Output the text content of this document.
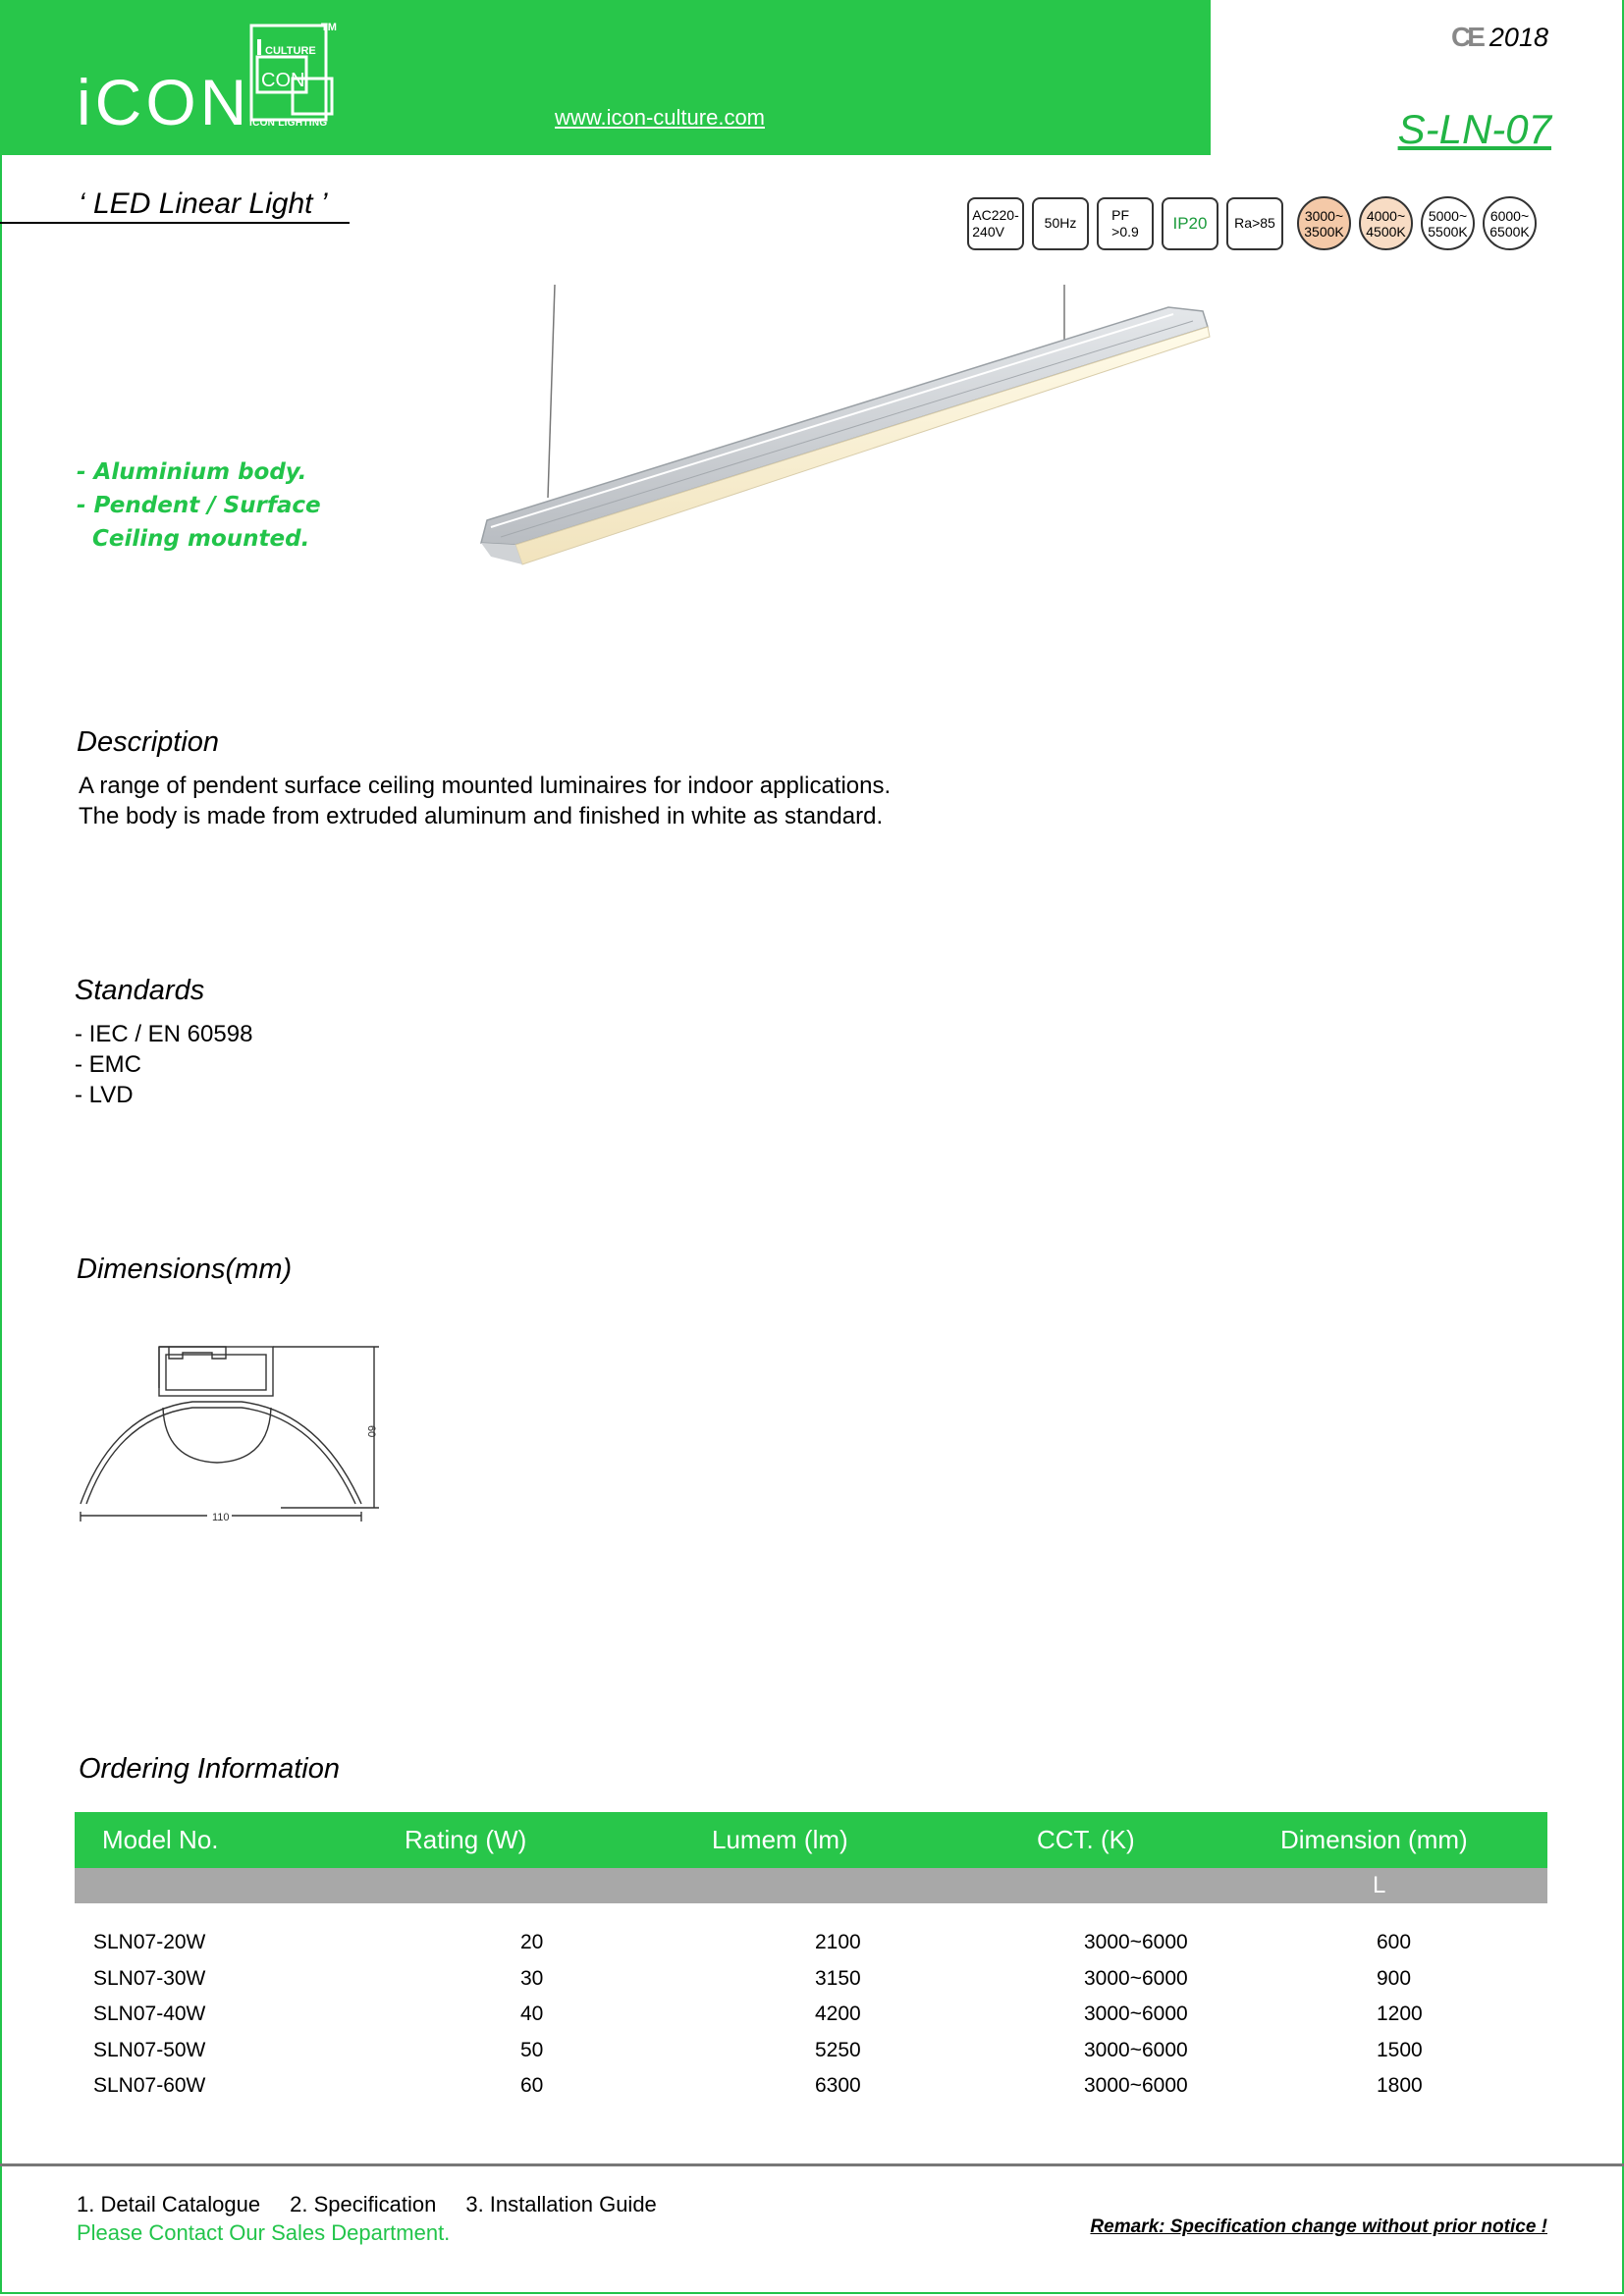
iCON
CULTURE
CON
TM
ICON LIGHTING	www.icon-culture.com
CE 2018
S-LN-07
‘ LED Linear Light ’	AC220-
240V
50Hz
PF
>0.9	IP20	Ra>85	3000~
3500K
4000~
4500K
5000~
5500K
6000~
6500K
- Aluminium body.
- Pendent / Surface
Ceiling mounted.
Description
A range of pendent surface ceiling mounted luminaires for indoor applications.
The body is made from extruded aluminum and finished in white as standard.
Standards
- IEC / EN 60598
- EMC
- LVD
Dimensions(mm)
110
60
Ordering Information
Model No.	Rating (W)	Lumem (lm)	CCT. (K)	Dimension (mm)
L
SLN07-20W	20	2100	3000~6000	600
SLN07-30W	30	3150	3000~6000	900
SLN07-40W	40	4200	3000~6000	1200
SLN07-50W	50	5250	3000~6000	1500
SLN07-60W	60	6300	3000~6000	1800
1. Detail Catalogue 2. Specification 3. Installation Guide
Please Contact Our Sales Department.	Remark: Specification change without prior notice !
